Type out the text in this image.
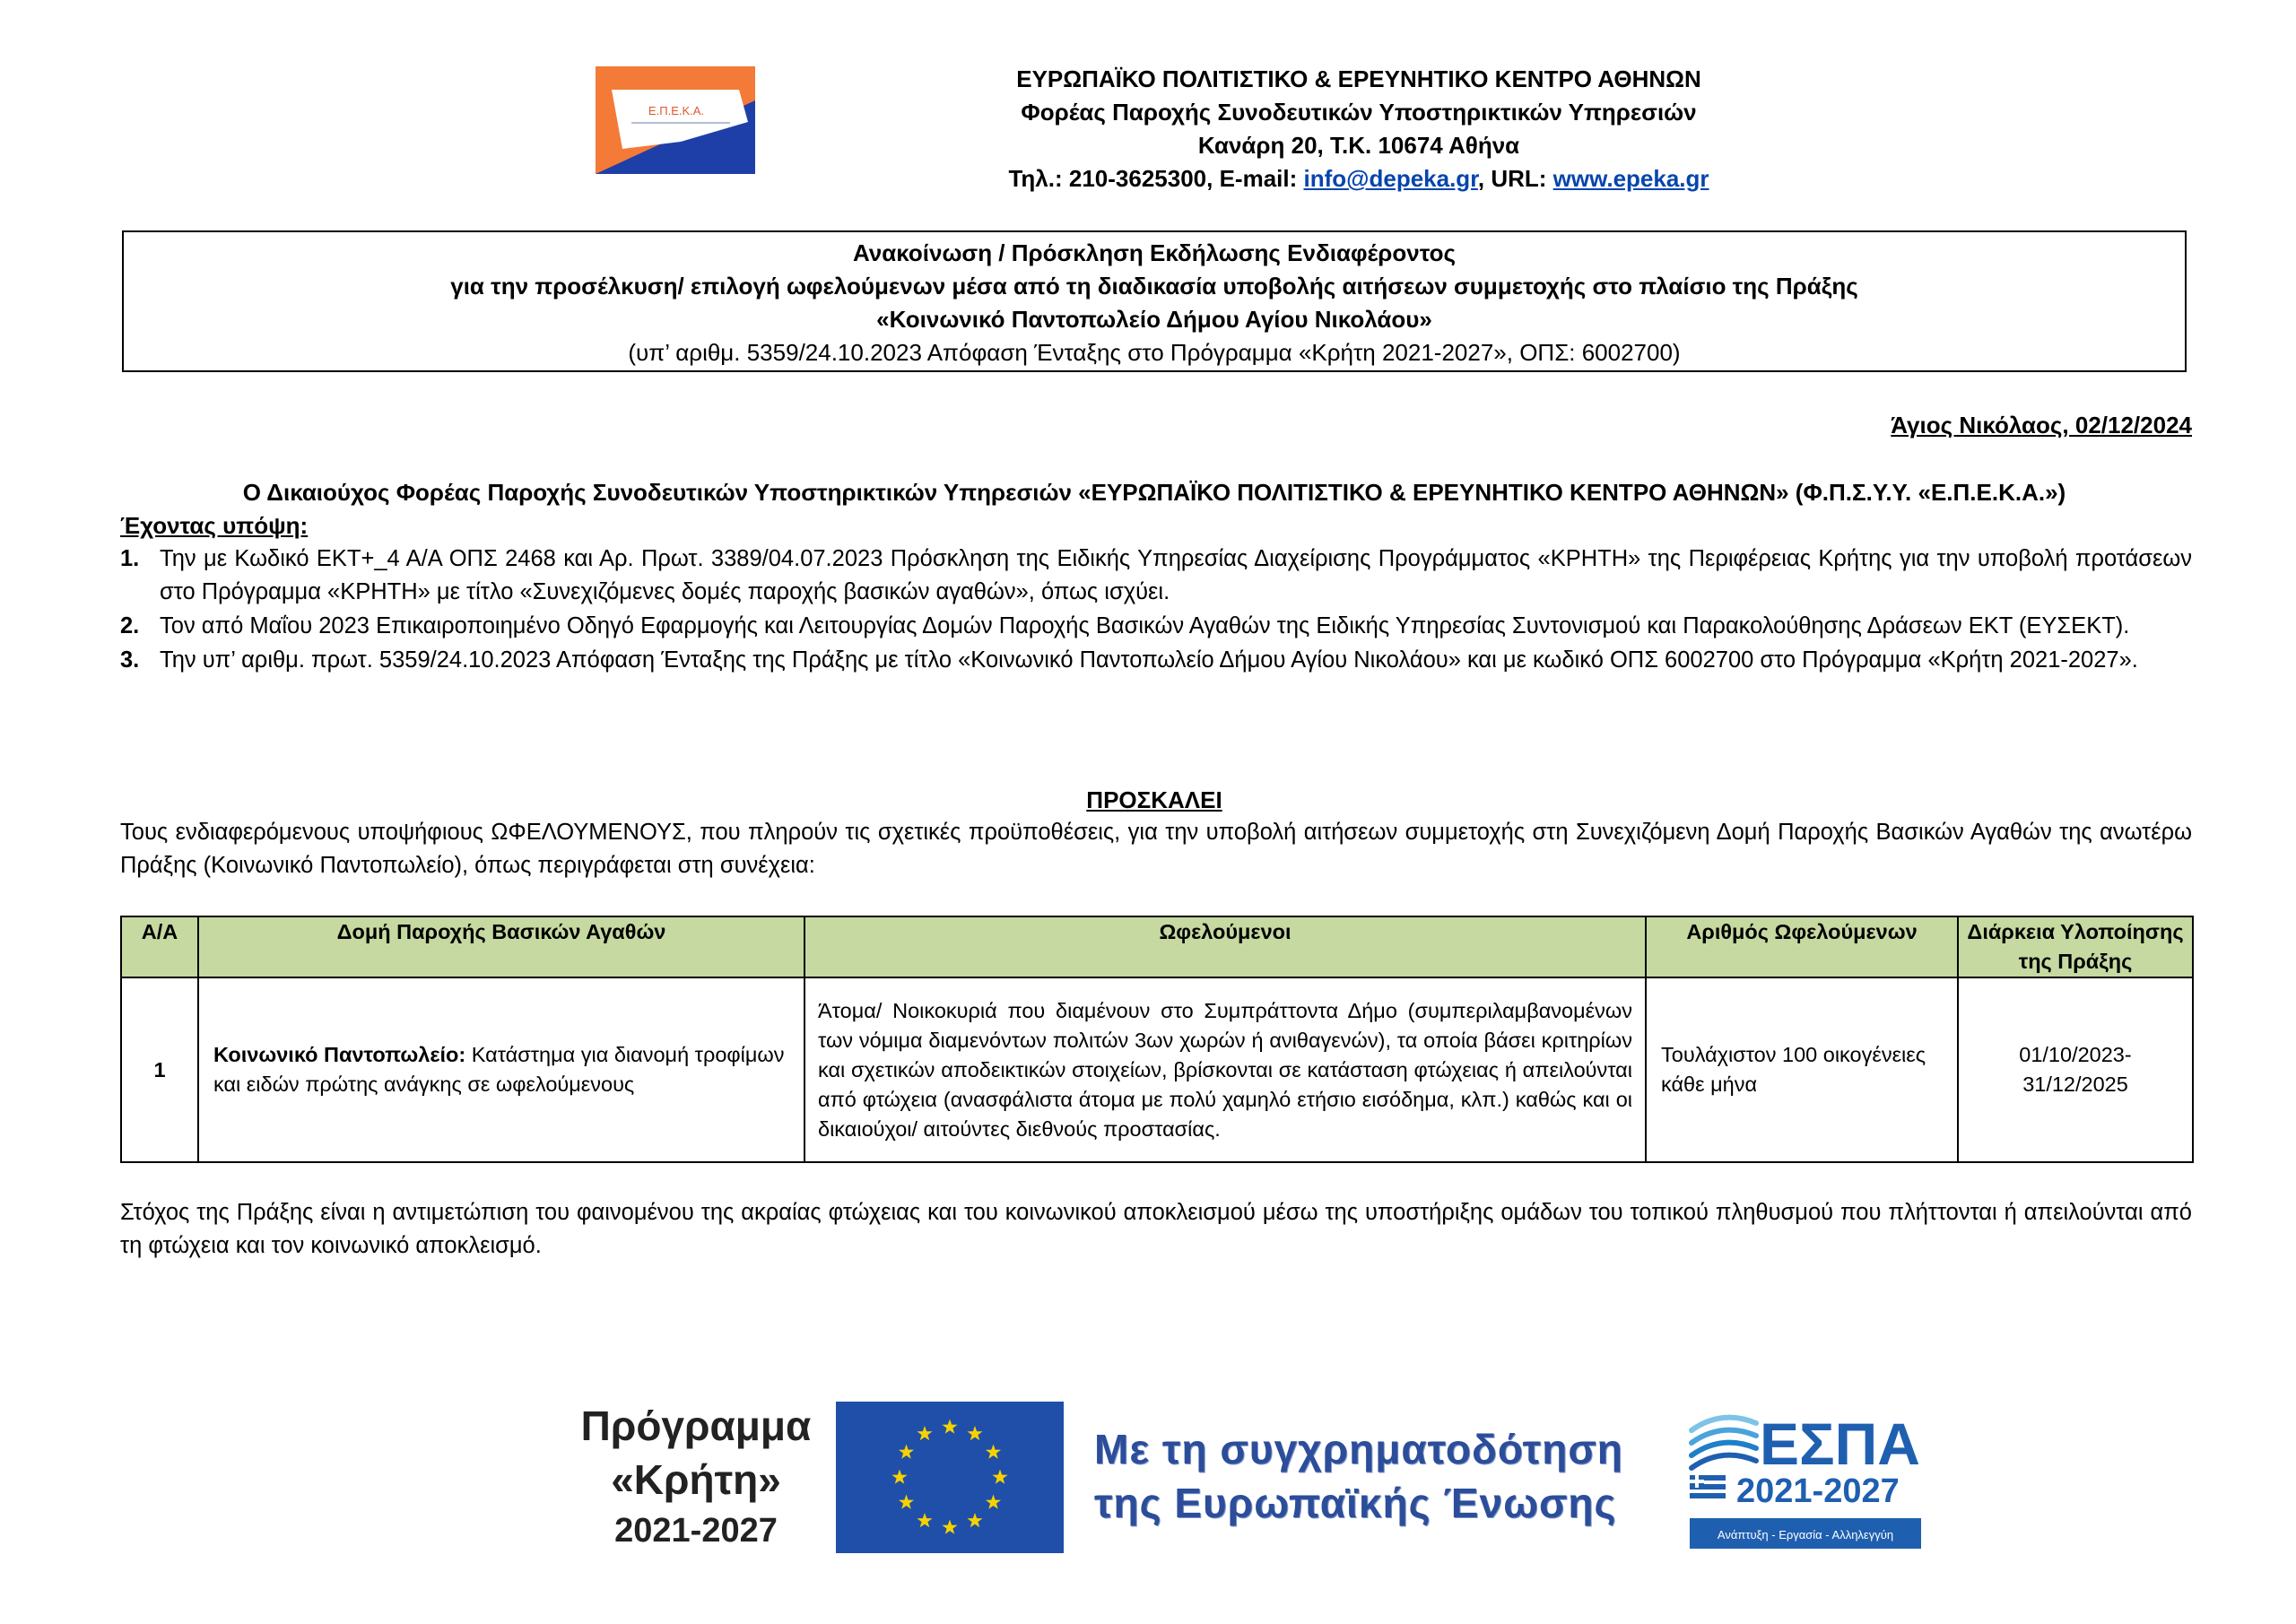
Ε.Π.Ε.Κ.Α.
ΕΥΡΩΠΑΪΚΟ ΠΟΛΙΤΙΣΤΙΚΟ & ΕΡΕΥΝΗΤΙΚΟ ΚΕΝΤΡΟ ΑΘΗΝΩΝ
Φορέας Παροχής Συνοδευτικών Υποστηρικτικών Υπηρεσιών
Κανάρη 20, Τ.Κ. 10674 Αθήνα
Τηλ.: 210-3625300, E-mail: info@depeka.gr, URL: www.epeka.gr
Ανακοίνωση / Πρόσκληση Εκδήλωσης Ενδιαφέροντος
για την προσέλκυση/ επιλογή ωφελούμενων μέσα από τη διαδικασία υποβολής αιτήσεων συμμετοχής στο πλαίσιο της Πράξης
«Κοινωνικό Παντοπωλείο Δήμου Αγίου Νικολάου»
(υπ’ αριθμ. 5359/24.10.2023 Απόφαση Ένταξης στο Πρόγραμμα «Κρήτη 2021-2027», ΟΠΣ: 6002700)
Άγιος Νικόλαος, 02/12/2024
Ο Δικαιούχος Φορέας Παροχής Συνοδευτικών Υποστηρικτικών Υπηρεσιών «ΕΥΡΩΠΑΪΚΟ ΠΟΛΙΤΙΣΤΙΚΟ & ΕΡΕΥΝΗΤΙΚΟ ΚΕΝΤΡΟ ΑΘΗΝΩΝ» (Φ.Π.Σ.Υ.Υ. «Ε.Π.Ε.Κ.Α.»)
Έχοντας υπόψη:
1. Την με Κωδικό ΕΚΤ+_4 Α/Α ΟΠΣ 2468 και Αρ. Πρωτ. 3389/04.07.2023 Πρόσκληση της Ειδικής Υπηρεσίας Διαχείρισης Προγράμματος «ΚΡΗΤΗ» της Περιφέρειας Κρήτης για την υποβολή προτάσεων στο Πρόγραμμα «ΚΡΗΤΗ» με τίτλο «Συνεχιζόμενες δομές παροχής βασικών αγαθών», όπως ισχύει.
2. Τον από Μαΐου 2023 Επικαιροποιημένο Οδηγό Εφαρμογής και Λειτουργίας Δομών Παροχής Βασικών Αγαθών της Ειδικής Υπηρεσίας Συντονισμού και Παρακολούθησης Δράσεων ΕΚΤ (ΕΥΣΕΚΤ).
3. Την υπ’ αριθμ. πρωτ. 5359/24.10.2023 Απόφαση Ένταξης της Πράξης με τίτλο «Κοινωνικό Παντοπωλείο Δήμου Αγίου Νικολάου» και με κωδικό ΟΠΣ 6002700 στο Πρόγραμμα «Κρήτη 2021-2027».
ΠΡΟΣΚΑΛΕΙ
Τους ενδιαφερόμενους υποψήφιους ΩΦΕΛΟΥΜΕΝΟΥΣ, που πληρούν τις σχετικές προϋποθέσεις, για την υποβολή αιτήσεων συμμετοχής στη Συνεχιζόμενη Δομή Παροχής Βασικών Αγαθών της ανωτέρω Πράξης (Κοινωνικό Παντοπωλείο), όπως περιγράφεται στη συνέχεια:
Α/Α	Δομή Παροχής Βασικών Αγαθών	Ωφελούμενοι	Αριθμός Ωφελούμενων	Διάρκεια Υλοποίησης της Πράξης
1	Κοινωνικό Παντοπωλείο: Κατάστημα για διανομή τροφίμων και ειδών πρώτης ανάγκης σε ωφελούμενους	Άτομα/ Νοικοκυριά που διαμένουν στο Συμπράττοντα Δήμο (συμπεριλαμβανομένων των νόμιμα διαμενόντων πολιτών 3ων χωρών ή ανιθαγενών), τα οποία βάσει κριτηρίων και σχετικών αποδεικτικών στοιχείων, βρίσκονται σε κατάσταση φτώχειας ή απειλούνται από φτώχεια (ανασφάλιστα άτομα με πολύ χαμηλό ετήσιο εισόδημα, κλπ.) καθώς και οι δικαιούχοι/ αιτούντες διεθνούς προστασίας.	Τουλάχιστον 100 οικογένειες κάθε μήνα	01/10/2023-
31/12/2025
Στόχος της Πράξης είναι η αντιμετώπιση του φαινομένου της ακραίας φτώχειας και του κοινωνικού αποκλεισμού μέσω της υποστήριξης ομάδων του τοπικού πληθυσμού που πλήττονται ή απειλούνται από τη φτώχεια και τον κοινωνικό αποκλεισμό.
Πρόγραμμα
«Κρήτη»
2021-2027
Με τη συγχρηματοδότηση
της Ευρωπαϊκής Ένωσης
ΕΣΠΑ
2021-2027
Ανάπτυξη - Εργασία - Αλληλεγγύη
